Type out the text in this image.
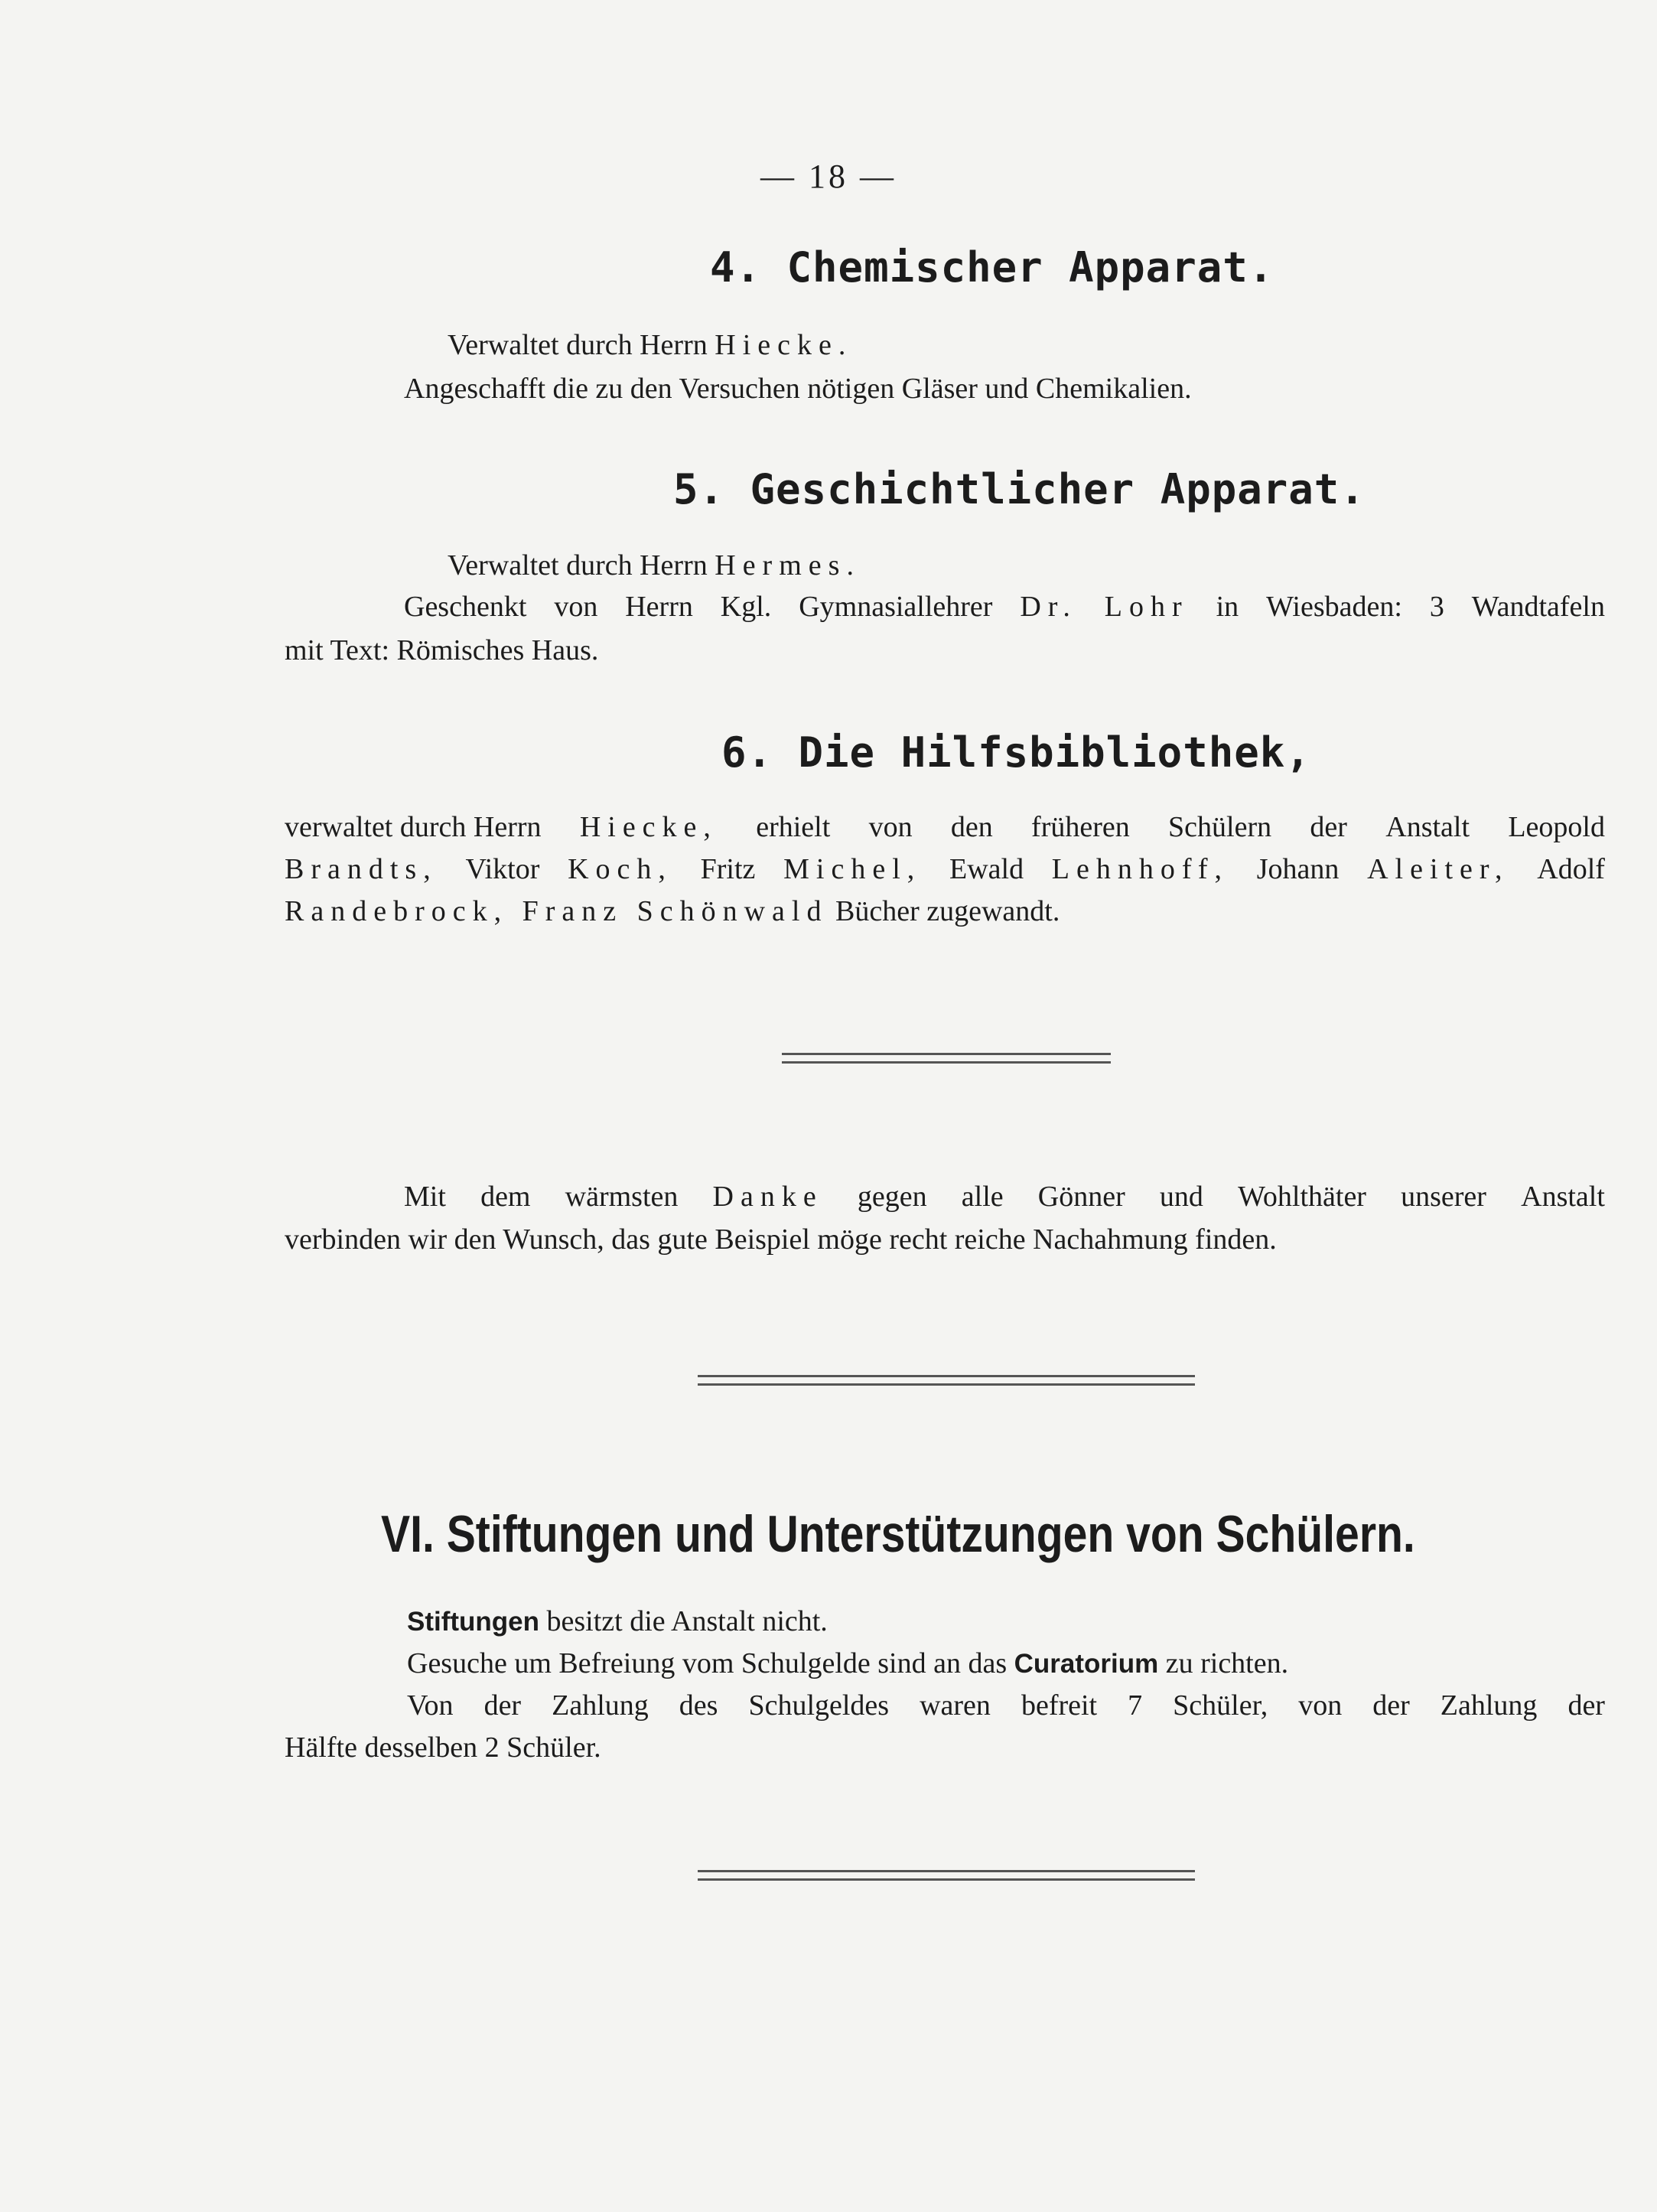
— 18 —
4. Chemischer Apparat.
Verwaltet durch Herrn Hiecke.
Angeschafft die zu den Versuchen nötigen Gläser und Chemikalien.
5. Geschichtlicher Apparat.
Verwaltet durch Herrn Hermes.
Geschenkt von Herrn Kgl. Gymnasiallehrer Dr. Lohr in Wiesbaden: 3 Wandtafeln
mit Text: Römisches Haus.
6. Die Hilfsbibliothek,
verwaltet durch Herrn Hiecke, erhielt von den früheren Schülern der Anstalt Leopold
Brandts, Viktor Koch, Fritz Michel, Ewald Lehnhoff, Johann Aleiter, Adolf
Randebrock, Franz Schönwald Bücher zugewandt.
Mit dem wärmsten Danke gegen alle Gönner und Wohlthäter unserer Anstalt
verbinden wir den Wunsch, das gute Beispiel möge recht reiche Nachahmung finden.
VI. Stiftungen und Unterstützungen von Schülern.
Stiftungen besitzt die Anstalt nicht.
Gesuche um Befreiung vom Schulgelde sind an das Curatorium zu richten.
Von der Zahlung des Schulgeldes waren befreit 7 Schüler, von der Zahlung der
Hälfte desselben 2 Schüler.
